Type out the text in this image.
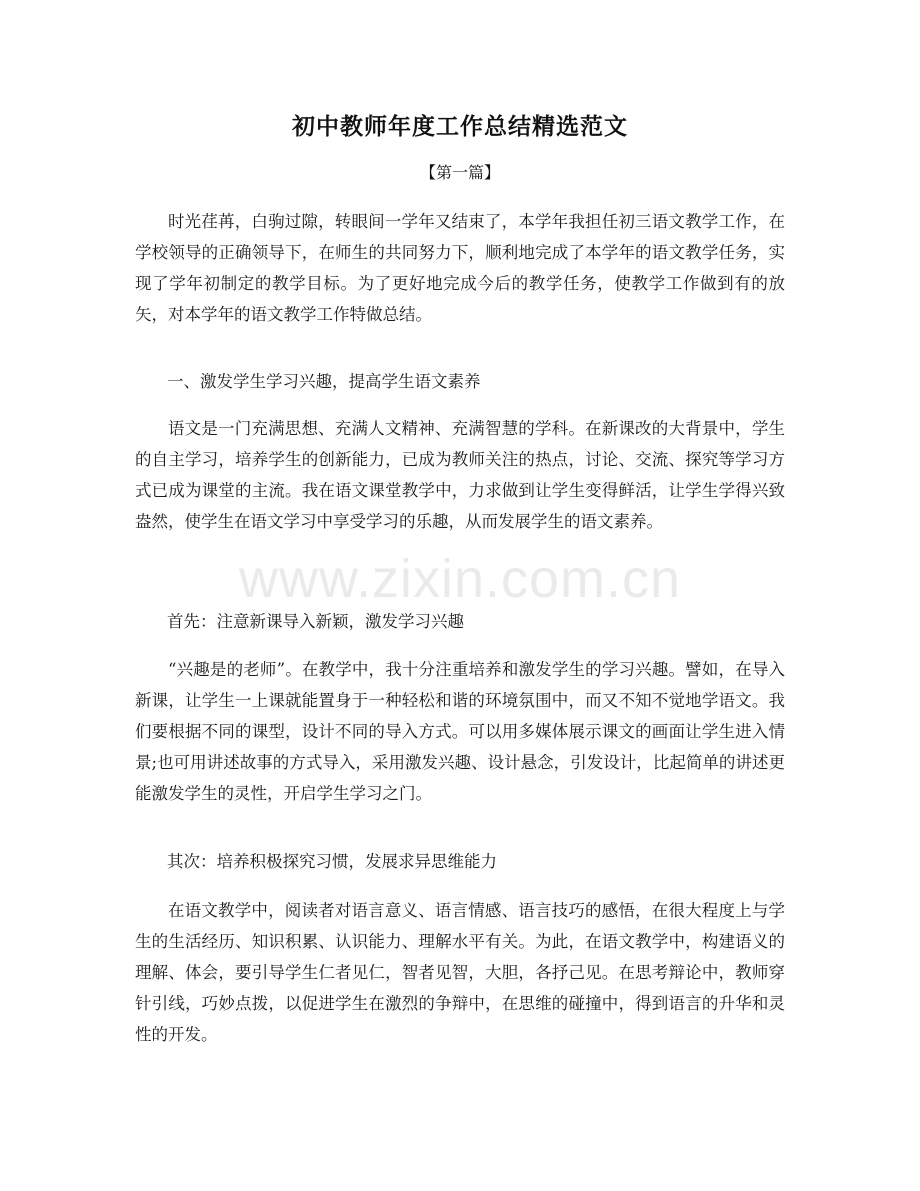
初中教师年度工作总结精选范文
【第一篇】

时光荏苒，白驹过隙，转眼间一学年又结束了，本学年我担任初三语文教学工作，在学校领导的正确领导下，在师生的共同努力下，顺利地完成了本学年的语文教学任务，实现了学年初制定的教学目标。为了更好地完成今后的教学任务，使教学工作做到有的放矢，对本学年的语文教学工作特做总结。

一、激发学生学习兴趣，提高学生语文素养

语文是一门充满思想、充满人文精神、充满智慧的学科。在新课改的大背景中，学生的自主学习，培养学生的创新能力，已成为教师关注的热点，讨论、交流、探究等学习方式已成为课堂的主流。我在语文课堂教学中，力求做到让学生变得鲜活，让学生学得兴致盎然，使学生在语文学习中享受学习的乐趣，从而发展学生的语文素养。

首先：注意新课导入新颖，激发学习兴趣

“兴趣是的老师”。在教学中，我十分注重培养和激发学生的学习兴趣。譬如，在导入新课，让学生一上课就能置身于一种轻松和谐的环境氛围中，而又不知不觉地学语文。我们要根据不同的课型，设计不同的导入方式。可以用多媒体展示课文的画面让学生进入情景;也可用讲述故事的方式导入，采用激发兴趣、设计悬念，引发设计，比起简单的讲述更能激发学生的灵性，开启学生学习之门。

其次：培养积极探究习惯，发展求异思维能力

在语文教学中，阅读者对语言意义、语言情感、语言技巧的感悟，在很大程度上与学生的生活经历、知识积累、认识能力、理解水平有关。为此，在语文教学中，构建语义的理解、体会，要引导学生仁者见仁，智者见智，大胆，各抒己见。在思考辩论中，教师穿针引线，巧妙点拨，以促进学生在激烈的争辩中，在思维的碰撞中，得到语言的升华和灵性的开发。

www.zixin.com.cn
